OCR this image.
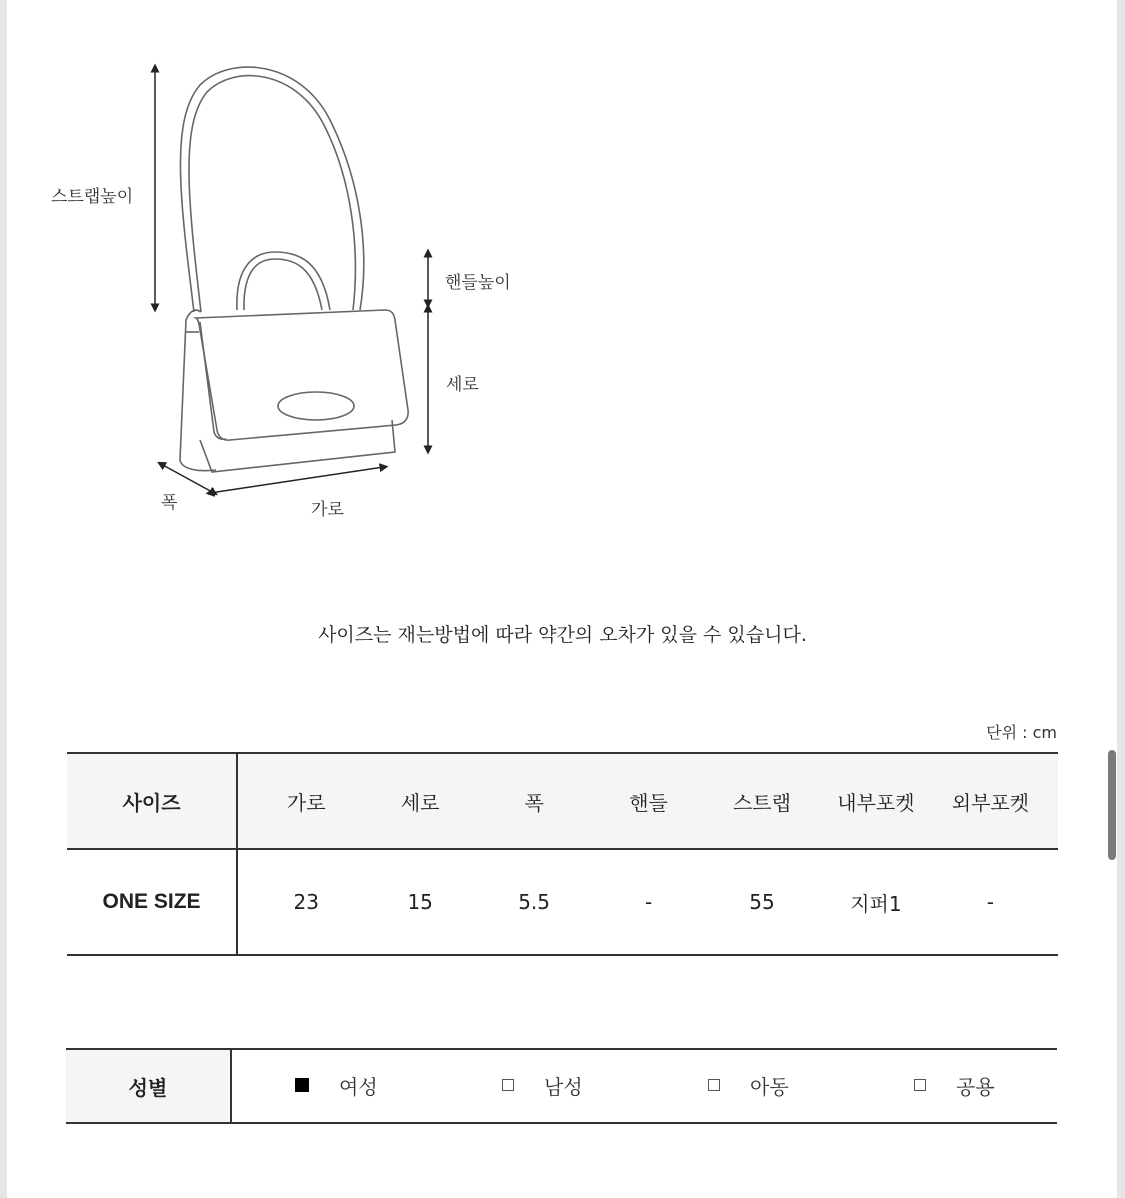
스트랩높이
핸들높이
세로
폭	가로
사이즈는 재는방법에 따라 약간의 오차가 있을 수 있습니다.
단위 : cm
사이즈	가로	세로	폭	핸들	스트랩	내부포켓	외부포켓
ONE SIZE	23	15	5.5	-	55	지퍼1	-
성별	여성	남성	아동	공용
